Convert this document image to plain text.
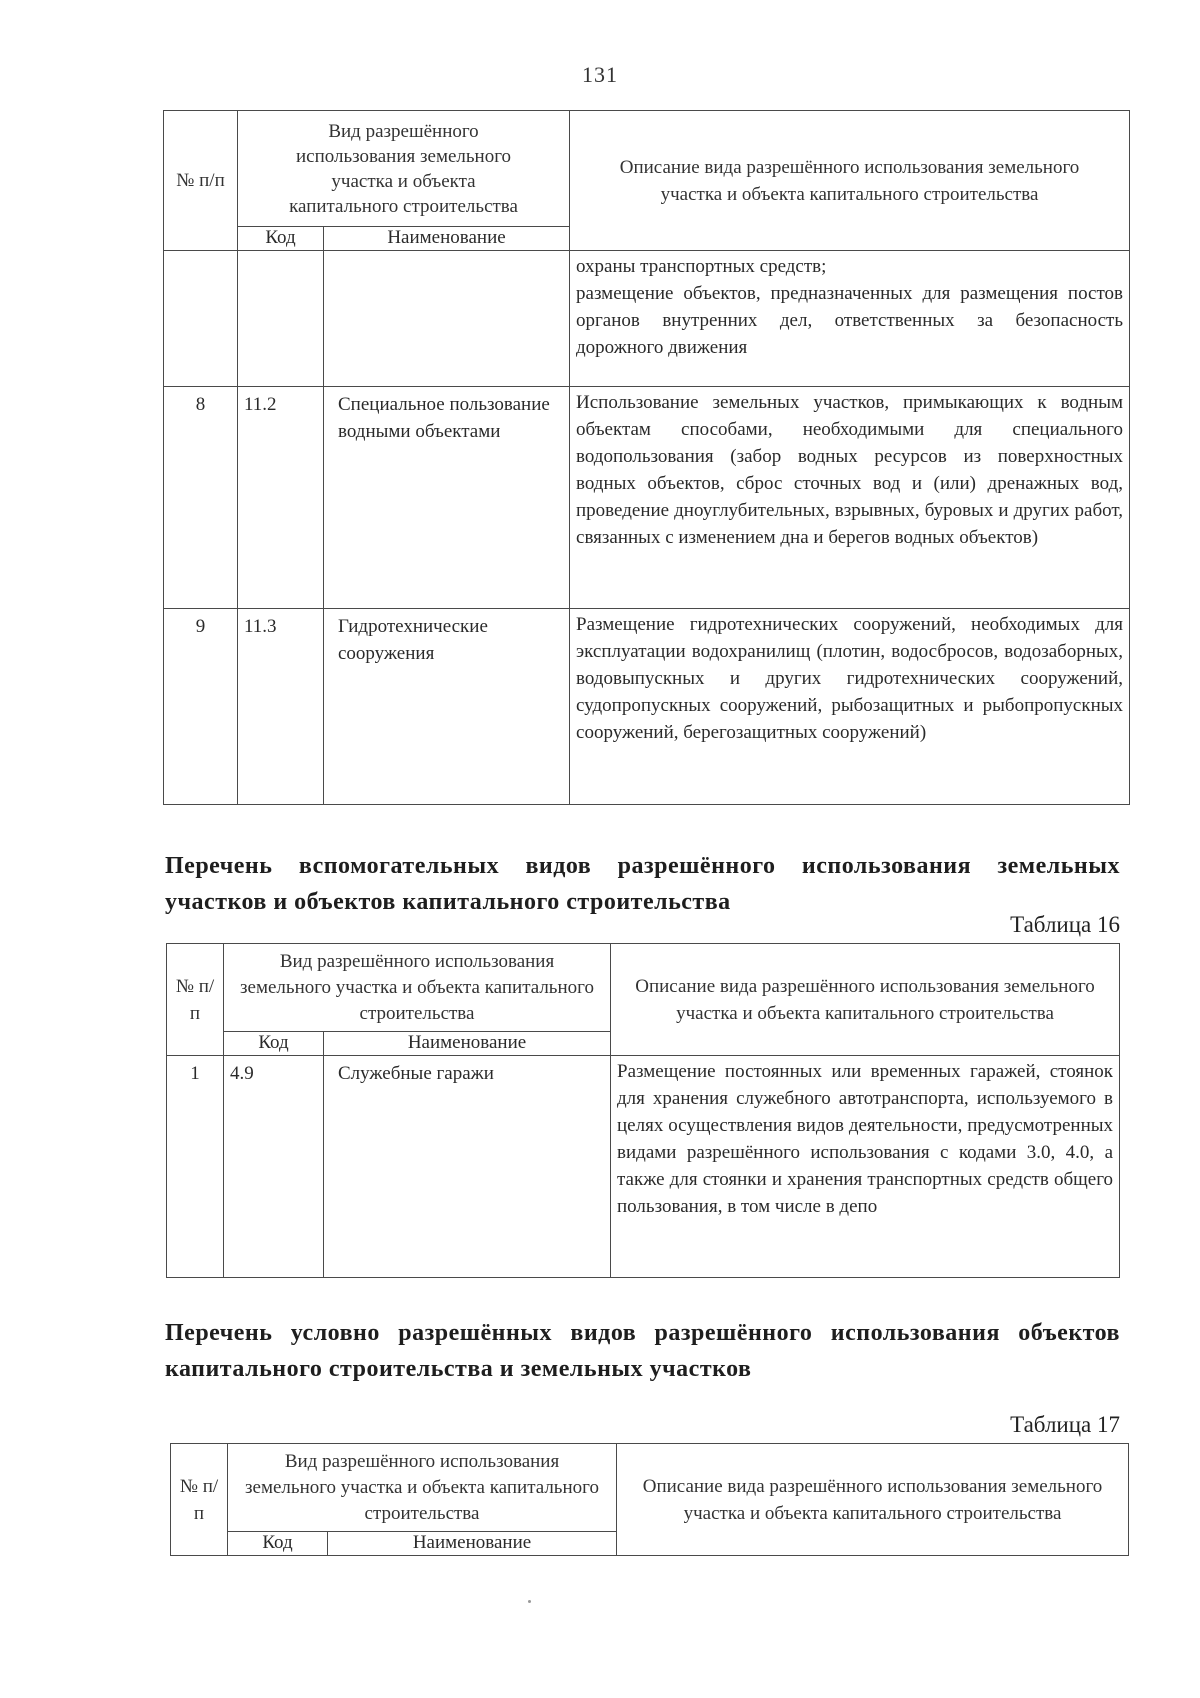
131
№ п/п	Вид разрешённого
использования земельного
участка и объекта
капитального строительства		Описание вида разрешённого использования земельного участка и объекта капитального строительства
	Код	Наименование	

			охраны транспортных средств;
размещение объектов, предназначенных для размещения постов органов внутренних дел, ответственных за безопасность дорожного движения

8	11.2	Специальное пользование водными объектами	Использование земельных участков, примыкающих к водным объектам способами, необходимыми для специального водопользования (забор водных ресурсов из поверхностных водных объектов, сброс сточных вод и (или) дренажных вод, проведение дноуглубительных, взрывных, буровых и других работ, связанных с изменением дна и берегов водных объектов)
9	11.3	Гидротехнические сооружения	Размещение гидротехнических сооружений, необходимых для эксплуатации водохранилищ (плотин, водосбросов, водозаборных, водовыпускных и других гидротехнических сооружений, судопропускных сооружений, рыбозащитных и рыбопропускных сооружений, берегозащитных сооружений)
Перечень вспомогательных видов разрешённого использования земельных участков и объектов капитального строительства
Таблица 16
№ п/п	Вид разрешённого использования земельного участка и объекта капитального строительства		Описание вида разрешённого использования земельного участка и объекта капитального строительства
	Код	Наименование	
1	4.9	Служебные гаражи	Размещение постоянных или временных гаражей, стоянок для хранения служебного автотранспорта, используемого в целях осуществления видов деятельности, предусмотренных видами разрешённого использования с кодами 3.0, 4.0, а также для стоянки и хранения транспортных средств общего пользования, в том числе в депо
Перечень условно разрешённых видов разрешённого использования объектов капитального строительства и земельных участков
Таблица 17
№ п/п	Вид разрешённого использования земельного участка и объекта капитального строительства		Описание вида разрешённого использования земельного участка и объекта капитального строительства
	Код	Наименование	
